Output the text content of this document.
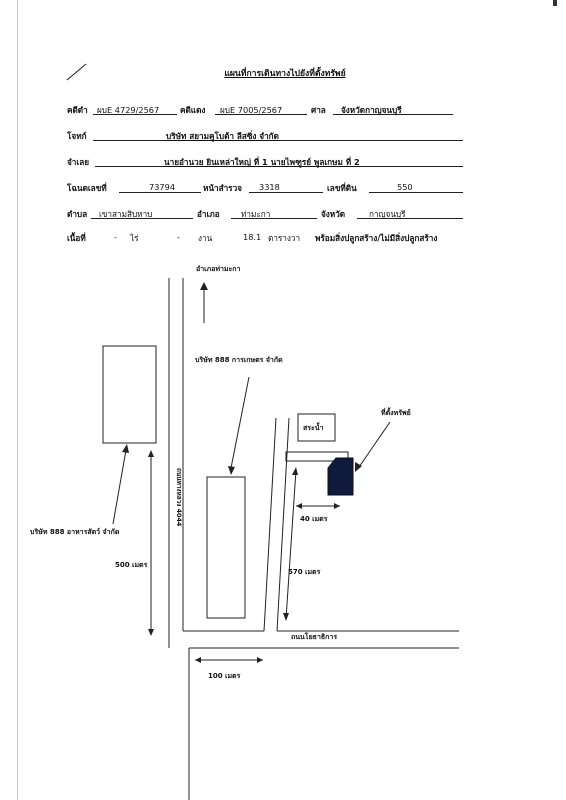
แผนที่การเดินทางไปยังที่ตั้งทรัพย์
คดีดำ ผบE 4729/2567	คดีแดง ผบE 7005/2567	ศาล จังหวัดกาญจนบุรี
โจทก์	บริษัท สยามคูโบต้า ลีสซิ่ง จำกัด
จำเลย	นายอำนวย ยินเหล่าใหญ่ ที่ 1 นายไพฑูรย์ พูลเกษม ที่ 2
โฉนดเลขที่	73794	หน้าสำรวจ 3318	เลขที่ดิน	550
ตำบล เขาสามสิบหาบ	อำเภอ	ท่ามะกา	จังหวัด	กาญจนบุรี
เนื้อที่	- ไร่	- งาน	18.1 ตารางวา พร้อมสิ่งปลูกสร้าง/ไม่มีสิ่งปลูกสร้าง
อำเภอท่ามะกา
บริษัท 888 การเกษตร จำกัด
บริษัท 888 อาหารสัตว์ จำกัด
สระน้ำ
ที่ตั้งทรัพย์
40 เมตร
500 เมตร
570 เมตร
ถนนโยธาธิการ
100 เมตร
ถนนทางหลวง 4044
